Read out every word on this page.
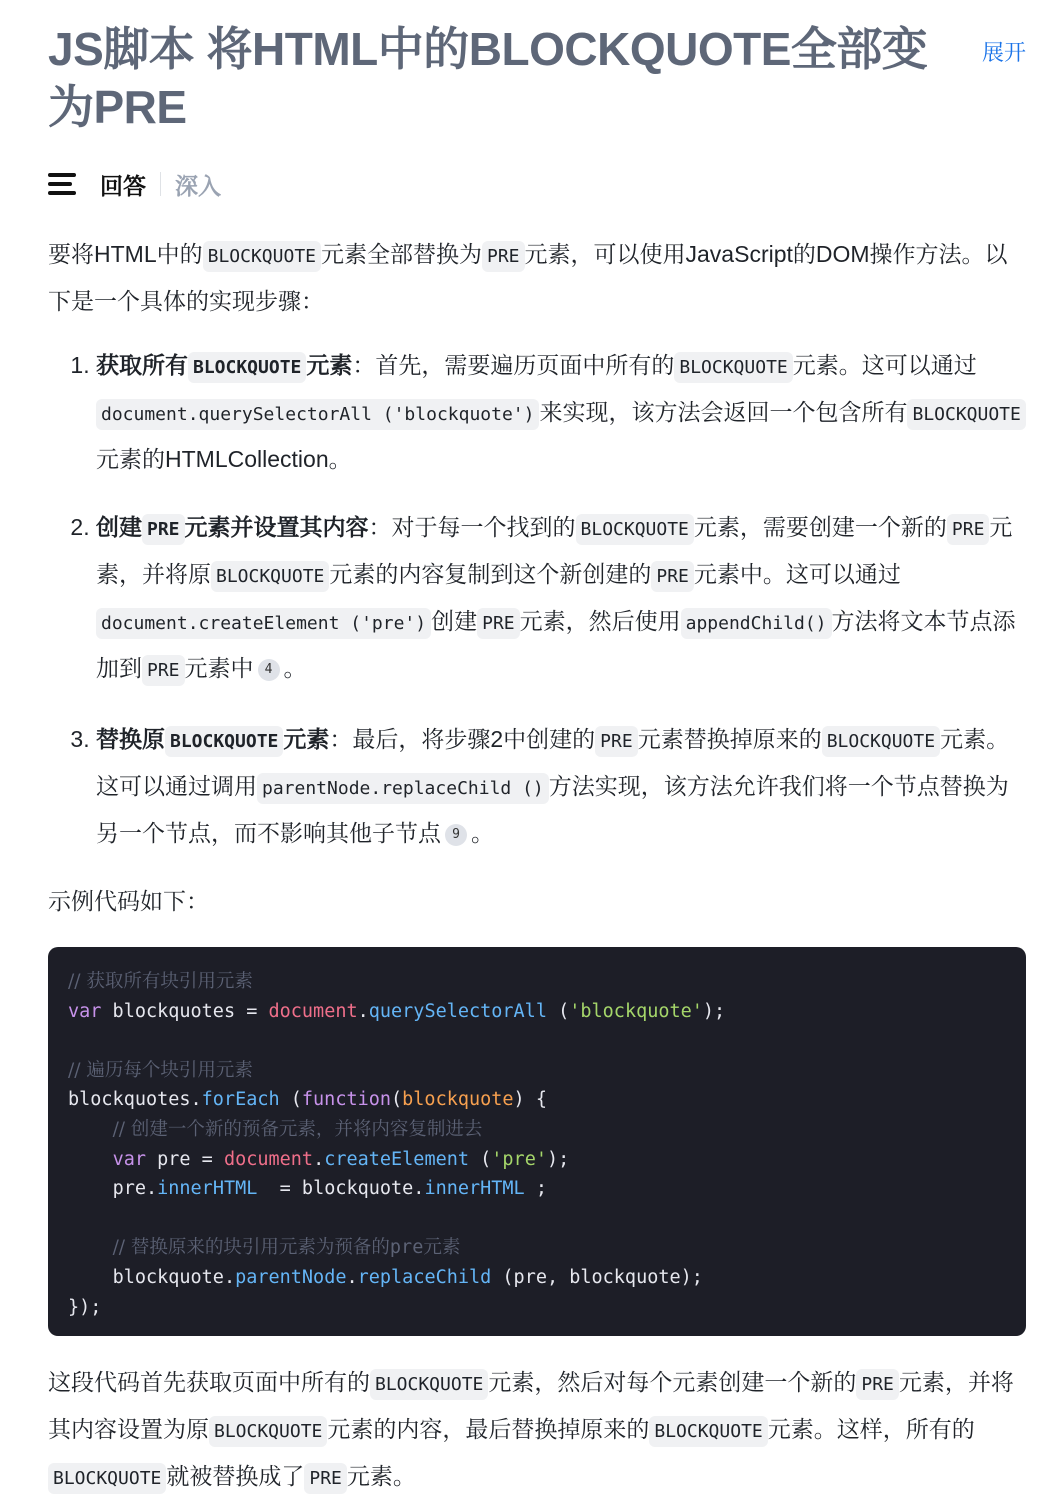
JS脚本 将HTML中的BLOCKQUOTE全部变为PRE
展开
回答 深入

要将HTML中的 BLOCKQUOTE 元素全部替换为 PRE 元素，可以使用JavaScript的DOM操作方法。以下是一个具体的实现步骤：

1. 获取所有 BLOCKQUOTE 元素：首先，需要遍历页面中所有的 BLOCKQUOTE 元素。这可以通过document.querySelectorAll ('blockquote') 来实现，该方法会返回一个包含所有 BLOCKQUOTE元素的HTMLCollection。
2. 创建 PRE 元素并设置其内容：对于每一个找到的 BLOCKQUOTE 元素，需要创建一个新的 PRE 元素，并将原 BLOCKQUOTE 元素的内容复制到这个新创建的 PRE 元素中。这可以通过document.createElement ('pre') 创建 PRE 元素，然后使用 appendChild() 方法将文本节点添加到 PRE 元素中 4 。
3. 替换原 BLOCKQUOTE 元素：最后，将步骤2中创建的 PRE 元素替换掉原来的 BLOCKQUOTE 元素。这可以通过调用 parentNode.replaceChild () 方法实现，该方法允许我们将一个节点替换为另一个节点，而不影响其他子节点 9 。

示例代码如下：

// 获取所有块引用元素
var blockquotes = document.querySelectorAll ('blockquote');

// 遍历每个块引用元素
blockquotes.forEach (function(blockquote) {
// 创建一个新的预备元素，并将内容复制进去
var pre = document.createElement ('pre');
pre.innerHTML  = blockquote.innerHTML ;

// 替换原来的块引用元素为预备的pre元素
blockquote.parentNode.replaceChild (pre, blockquote);
});

这段代码首先获取页面中所有的 BLOCKQUOTE 元素，然后对每个元素创建一个新的 PRE 元素，并将其内容设置为原 BLOCKQUOTE 元素的内容，最后替换掉原来的 BLOCKQUOTE 元素。这样，所有的BLOCKQUOTE 就被替换成了 PRE 元素。
